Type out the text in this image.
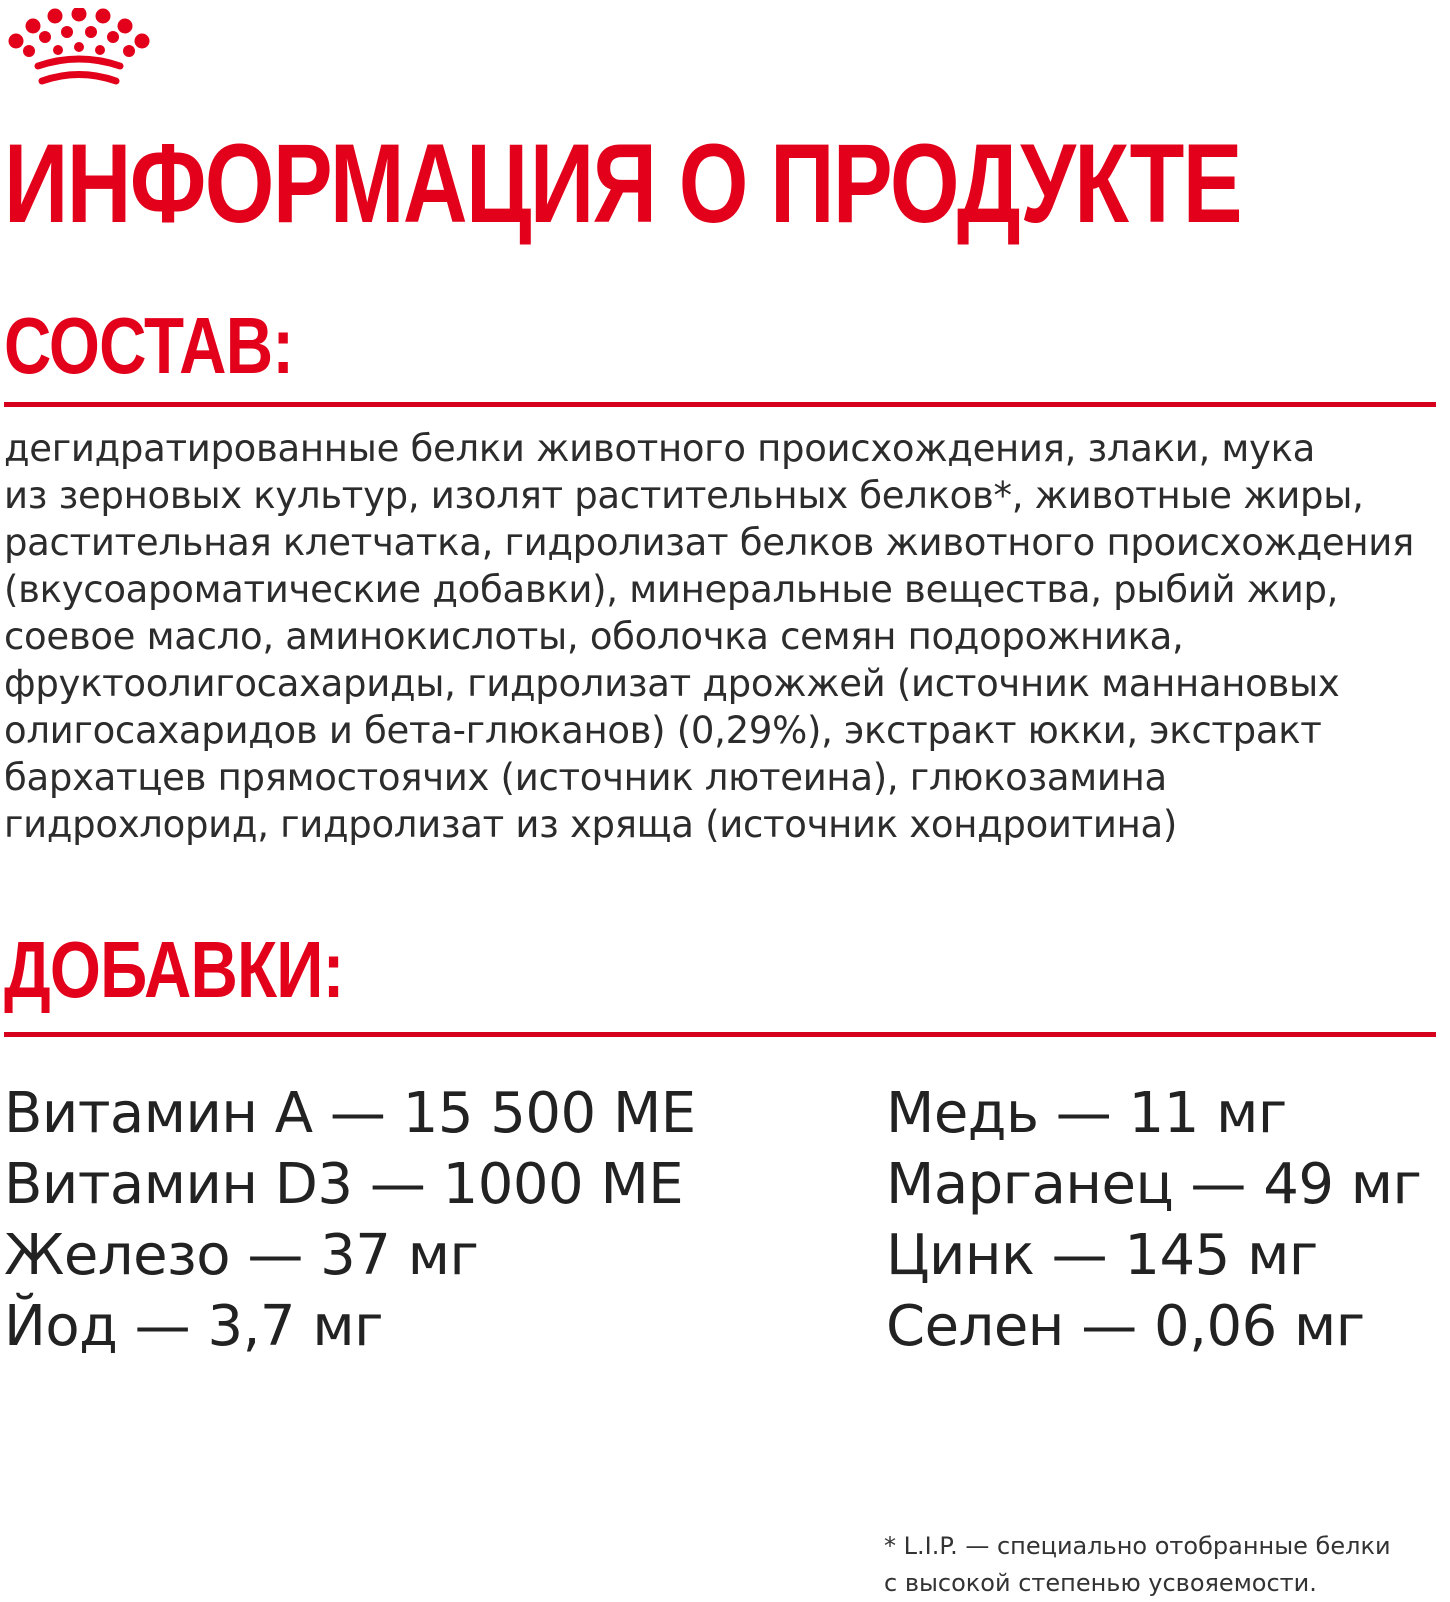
ИНФОРМАЦИЯ О ПРОДУКТЕ
СОСТАВ:

дегидратированные белки животного происхождения, злаки, мука
из зерновых культур, изолят растительных белков*, животные жиры,
растительная клетчатка, гидролизат белков животного происхождения
(вкусоароматические добавки), минеральные вещества, рыбий жир,
соевое масло, аминокислоты, оболочка семян подорожника,
фруктоолигосахариды, гидролизат дрожжей (источник маннановых
олигосахаридов и бета-глюканов) (0,29%), экстракт юкки, экстракт
бархатцев прямостоячих (источник лютеина), глюкозамина
гидрохлорид, гидролизат из хряща (источник хондроитина)

ДОБАВКИ:
Витамин А — 15 500 МЕ
Витамин D3 — 1000 МЕ
Железо — 37 мг
Йод — 3,7 мг
Медь — 11 мг
Марганец — 49 мг
Цинк — 145 мг
Селен — 0,06 мг

* L.I.P. — специально отобранные белки
с высокой степенью усвояемости.
